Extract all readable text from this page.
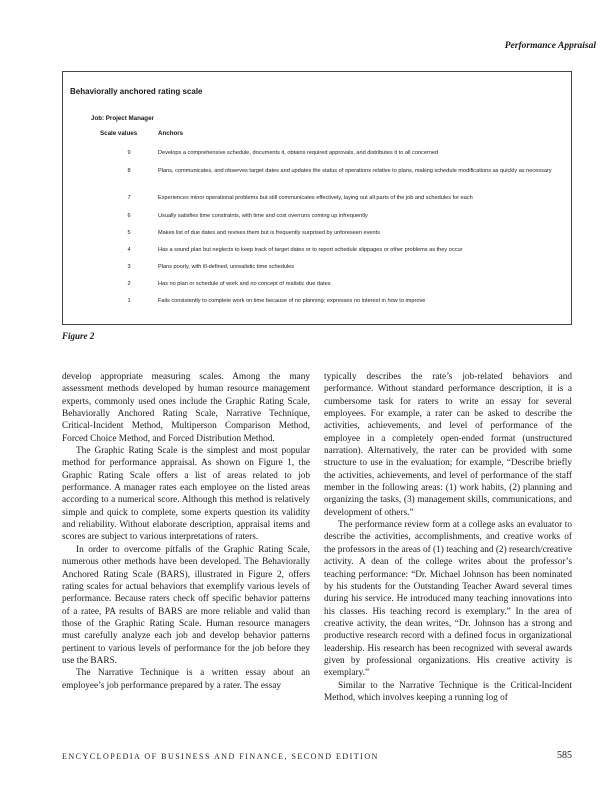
Performance Appraisal
Behaviorally anchored rating scale
Job: Project Manager
Scale values	Anchors
9	Develops a comprehensive schedule, documents it, obtains required approvals, and distributes it to all concerned
8	Plans, communicates, and observes target dates and updates the status of operations relative to plans, making schedule modifications as quickly as necessary
7	Experiences minor operational problems but still communicates effectively, laying out all parts of the job and schedules for each
6	Usually satisfies time constraints, with time and cost overruns coming up infrequently
5	Makes list of due dates and revises them but is frequently surprised by unforeseen events
4	Has a sound plan but neglects to keep track of target dates or to report schedule slippages or other problems as they occur
3	Plans poorly, with ill-defined, unrealistic time schedules
2	Has no plan or schedule of work and no concept of realistic due dates
1	Fails consistently to complete work on time because of no planning; expresses no interest in how to improve
Figure 2

develop appropriate measuring scales. Among the many assessment methods developed by human resource management experts, commonly used ones include the Graphic Rating Scale, Behaviorally Anchored Rating Scale, Narrative Technique, Critical-Incident Method, Multiperson Comparison Method, Forced Choice Method, and Forced Distribution Method.

The Graphic Rating Scale is the simplest and most popular method for performance appraisal. As shown on Figure 1, the Graphic Rating Scale offers a list of areas related to job performance. A manager rates each employee on the listed areas according to a numerical score. Although this method is relatively simple and quick to complete, some experts question its validity and reliability. Without elaborate description, appraisal items and scores are subject to various interpretations of raters.

In order to overcome pitfalls of the Graphic Rating Scale, numerous other methods have been developed. The Behaviorally Anchored Rating Scale (BARS), illustrated in Figure 2, offers rating scales for actual behaviors that exemplify various levels of performance. Because raters check off specific behavior patterns of a ratee, PA results of BARS are more reliable and valid than those of the Graphic Rating Scale. Human resource managers must carefully analyze each job and develop behavior patterns pertinent to various levels of performance for the job before they use the BARS.

The Narrative Technique is a written essay about an employee’s job performance prepared by a rater. The essay

typically describes the rate’s job-related behaviors and performance. Without standard performance description, it is a cumbersome task for raters to write an essay for several employees. For example, a rater can be asked to describe the activities, achievements, and level of performance of the employee in a completely open-ended format (unstructured narration). Alternatively, the rater can be provided with some structure to use in the evaluation; for example, “Describe briefly the activities, achievements, and level of performance of the staff member in the following areas: (1) work habits, (2) planning and organizing the tasks, (3) management skills, communications, and development of others.”

The performance review form at a college asks an evaluator to describe the activities, accomplishments, and creative works of the professors in the areas of (1) teaching and (2) research/creative activity. A dean of the college writes about the professor’s teaching performance: “Dr. Michael Johnson has been nominated by his students for the Outstanding Teacher Award several times during his service. He introduced many teaching innovations into his classes. His teaching record is exemplary.” In the area of creative activity, the dean writes, “Dr. Johnson has a strong and productive research record with a defined focus in organizational leadership. His research has been recognized with several awards given by professional organizations. His creative activity is exemplary.”

Similar to the Narrative Technique is the Critical-Incident Method, which involves keeping a running log of

ENCYCLOPEDIA OF BUSINESS AND FINANCE, SECOND EDITION	585
